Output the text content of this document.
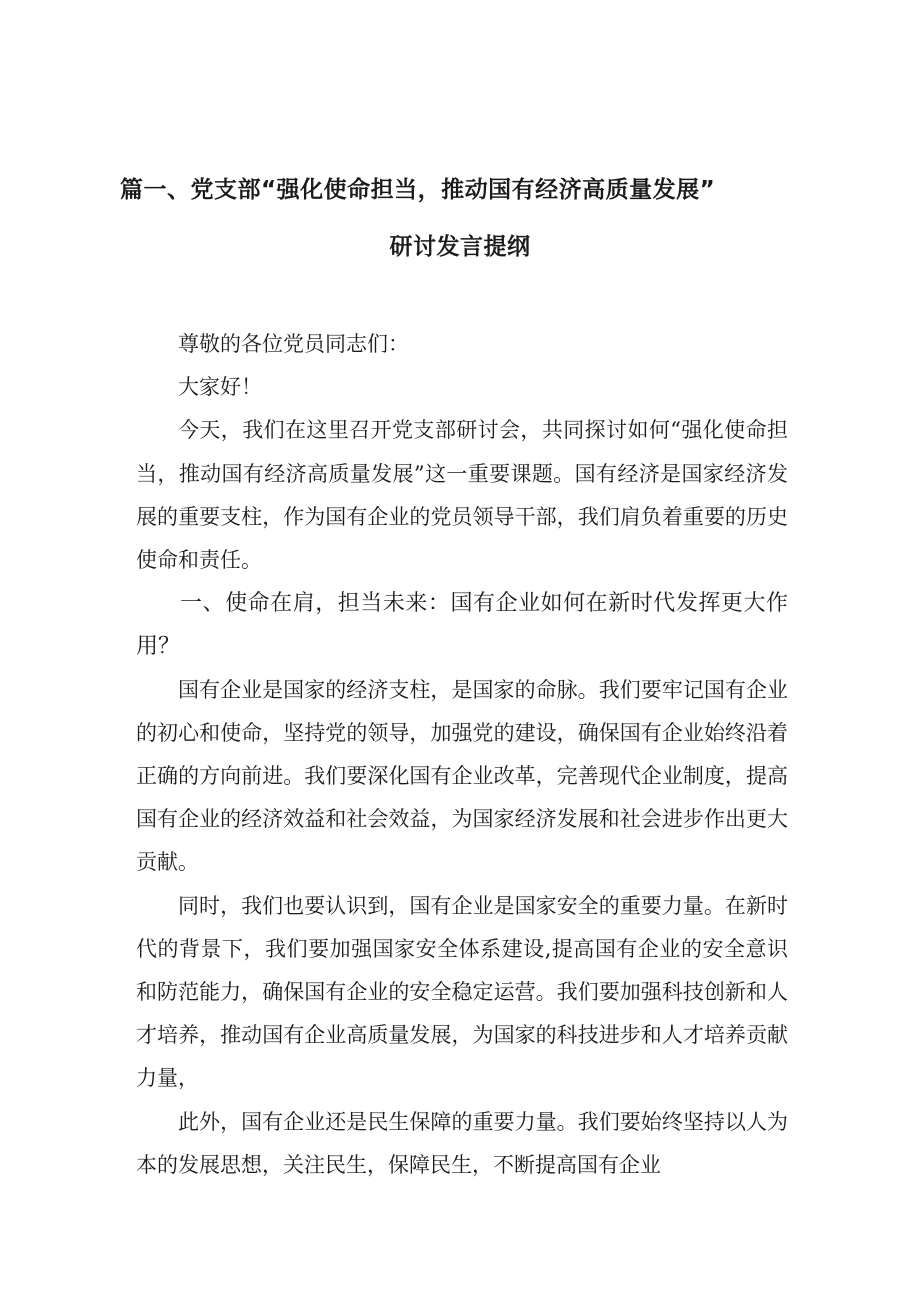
篇一、党支部“强化使命担当，推动国有经济高质量发展”
研讨发言提纲

尊敬的各位党员同志们：

大家好！

今天，我们在这里召开党支部研讨会，共同探讨如何“强化使命担当，推动国有经济高质量发展”这一重要课题。国有经济是国家经济发展的重要支柱，作为国有企业的党员领导干部，我们肩负着重要的历史使命和责任。

一、使命在肩，担当未来：国有企业如何在新时代发挥更大作用？

国有企业是国家的经济支柱，是国家的命脉。我们要牢记国有企业的初心和使命，坚持党的领导，加强党的建设，确保国有企业始终沿着正确的方向前进。我们要深化国有企业改革，完善现代企业制度，提高国有企业的经济效益和社会效益，为国家经济发展和社会进步作出更大贡献。

同时，我们也要认识到，国有企业是国家安全的重要力量。在新时代的背景下，我们要加强国家安全体系建设,提高国有企业的安全意识和防范能力，确保国有企业的安全稳定运营。我们要加强科技创新和人才培养，推动国有企业高质量发展，为国家的科技进步和人才培养贡献力量，

此外，国有企业还是民生保障的重要力量。我们要始终坚持以人为本的发展思想，关注民生，保障民生，不断提高国有企业
